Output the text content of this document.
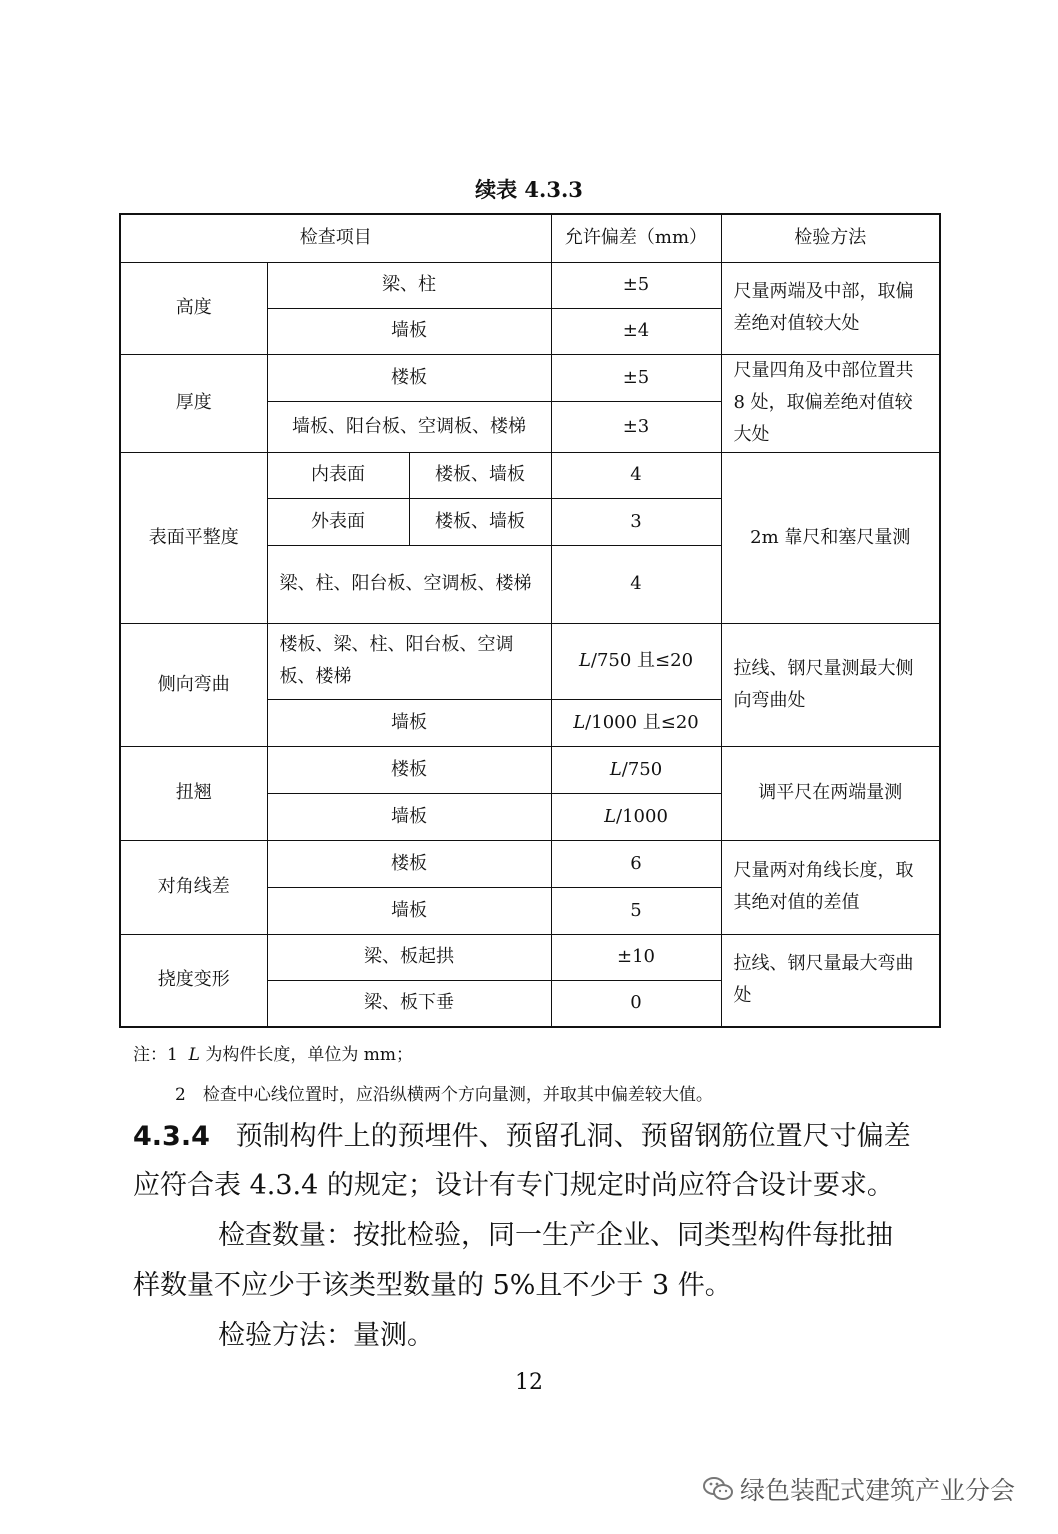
续表 4.3.3
检查项目			允许偏差（mm）	检验方法
高度	梁、柱		±5	尺量两端及中部，取偏差绝对值较大处
	墙板		±4	
厚度	楼板		±5	尺量四角及中部位置共 8 处，取偏差绝对值较大处
	墙板、阳台板、空调板、楼梯		±3	
表面平整度	内表面	楼板、墙板	4	2m 靠尺和塞尺量测
	外表面	楼板、墙板	3	
	梁、柱、阳台板、空调板、楼梯		4	
侧向弯曲	楼板、梁、柱、阳台板、空调板、楼梯		L/750 且≤20	拉线、钢尺量测最大侧向弯曲处
	墙板		L/1000 且≤20	
扭翘	楼板		L/750	调平尺在两端量测
	墙板		L/1000	
对角线差	楼板		6	尺量两对角线长度，取其绝对值的差值
	墙板		5	
挠度变形	梁、板起拱		±10	拉线、钢尺量最大弯曲处
	梁、板下垂		0	
注：1 L 为构件长度，单位为 mm；
2　检查中心线位置时，应沿纵横两个方向量测，并取其中偏差较大值。
4.3.4 预制构件上的预埋件、预留孔洞、预留钢筋位置尺寸偏差
应符合表 4.3.4 的规定；设计有专门规定时尚应符合设计要求。
检查数量：按批检验，同一生产企业、同类型构件每批抽
样数量不应少于该类型数量的 5%且不少于 3 件。
检验方法：量测。
12
绿色装配式建筑产业分会
